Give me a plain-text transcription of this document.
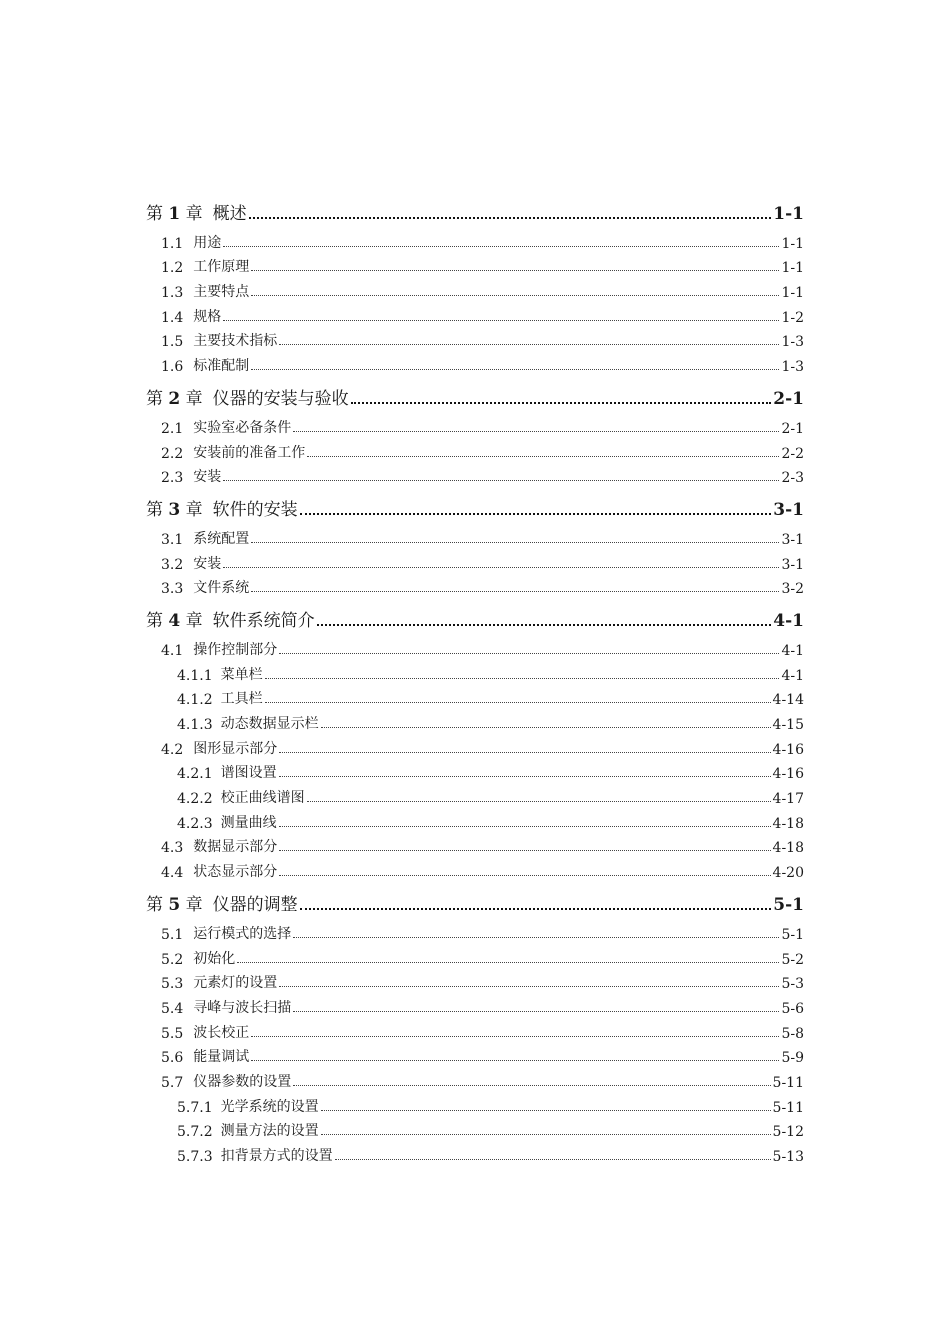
第 1 章 概述	1-1
1.1 用途	1-1
1.2 工作原理	1-1
1.3 主要特点	1-1
1.4 规格	1-2
1.5 主要技术指标	1-3
1.6 标准配制	1-3
第 2 章 仪器的安装与验收	2-1
2.1 实验室必备条件	2-1
2.2 安装前的准备工作	2-2
2.3 安装	2-3
第 3 章 软件的安装	3-1
3.1 系统配置	3-1
3.2 安装	3-1
3.3 文件系统	3-2
第 4 章 软件系统简介	4-1
4.1 操作控制部分	4-1
4.1.1 菜单栏	4-1
4.1.2 工具栏	4-14
4.1.3 动态数据显示栏	4-15
4.2 图形显示部分	4-16
4.2.1 谱图设置	4-16
4.2.2 校正曲线谱图	4-17
4.2.3 测量曲线	4-18
4.3 数据显示部分	4-18
4.4 状态显示部分	4-20
第 5 章 仪器的调整	5-1
5.1 运行模式的选择	5-1
5.2 初始化	5-2
5.3 元素灯的设置	5-3
5.4 寻峰与波长扫描	5-6
5.5 波长校正	5-8
5.6 能量调试	5-9
5.7 仪器参数的设置	5-11
5.7.1 光学系统的设置	5-11
5.7.2 测量方法的设置	5-12
5.7.3 扣背景方式的设置	5-13
